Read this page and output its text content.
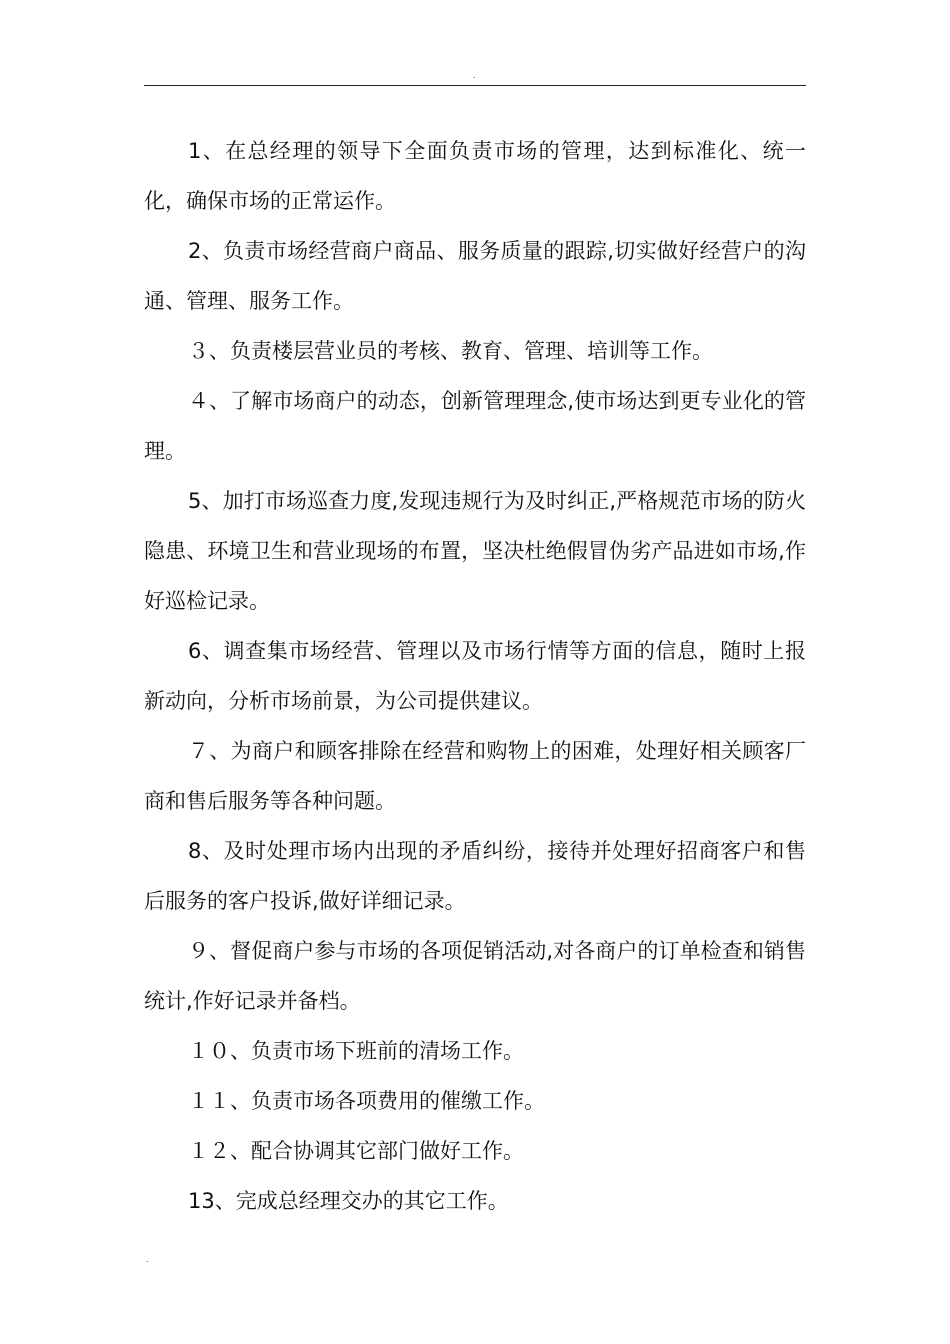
.

1、在总经理的领导下全面负责市场的管理，达到标准化、统一化，确保市场的正常运作。

2、负责市场经营商户商品、服务质量的跟踪,切实做好经营户的沟通、管理、服务工作。

３、负责楼层营业员的考核、教育、管理、培训等工作。

４、了解市场商户的动态，创新管理理念,使市场达到更专业化的管理。

5、加打市场巡查力度,发现违规行为及时纠正,严格规范市场的防火隐患、环境卫生和营业现场的布置，坚决杜绝假冒伪劣产品进如市场,作好巡检记录。

6、调查集市场经营、管理以及市场行情等方面的信息，随时上报新动向，分析市场前景，为公司提供建议。

７、为商户和顾客排除在经营和购物上的困难，处理好相关顾客厂商和售后服务等各种问题。

8、及时处理市场内出现的矛盾纠纷，接待并处理好招商客户和售后服务的客户投诉,做好详细记录。

９、督促商户参与市场的各项促销活动,对各商户的订单检查和销售统计,作好记录并备档。

１０、负责市场下班前的清场工作。

１１、负责市场各项费用的催缴工作。

１２、配合协调其它部门做好工作。

13、完成总经理交办的其它工作。

.
